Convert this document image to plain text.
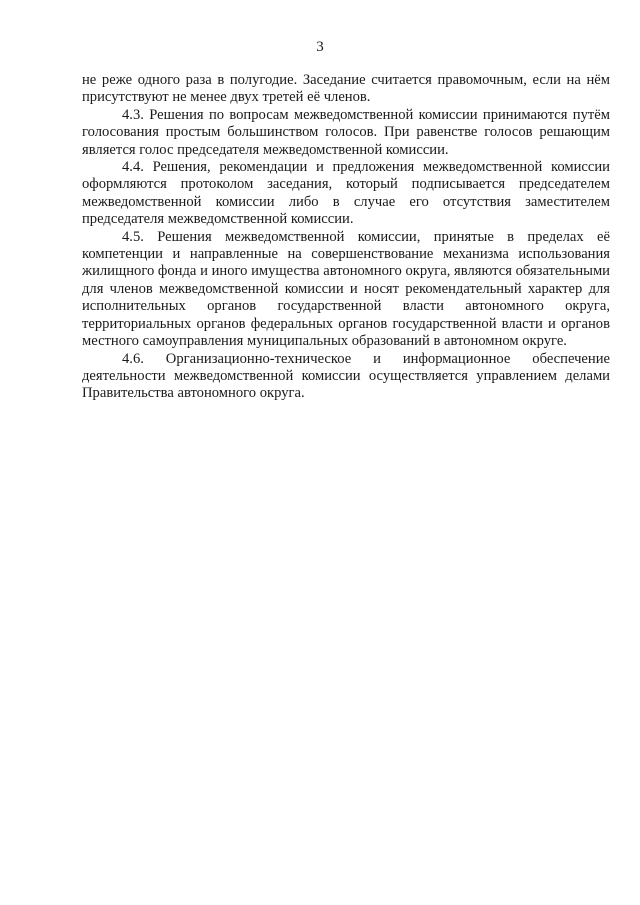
3

не реже одного раза в полугодие. Заседание считается правомочным, если на нём присутствуют не менее двух третей её членов.

4.3. Решения по вопросам межведомственной комиссии принимаются путём голосования простым большинством голосов. При равенстве голосов решающим является голос председателя межведомственной комиссии.

4.4. Решения, рекомендации и предложения межведомственной комиссии оформляются протоколом заседания, который подписывается председателем межведомственной комиссии либо в случае его отсутствия заместителем председателя межведомственной комиссии.

4.5. Решения межведомственной комиссии, принятые в пределах её компетенции и направленные на совершенствование механизма использования жилищного фонда и иного имущества автономного округа, являются обязательными для членов межведомственной комиссии и носят рекомендательный характер для исполнительных органов государственной власти автономного округа, территориальных органов федеральных органов государственной власти и органов местного самоуправления муниципальных образований в автономном округе.

4.6. Организационно-техническое и информационное обеспечение деятельности межведомственной комиссии осуществляется управлением делами Правительства автономного округа.
